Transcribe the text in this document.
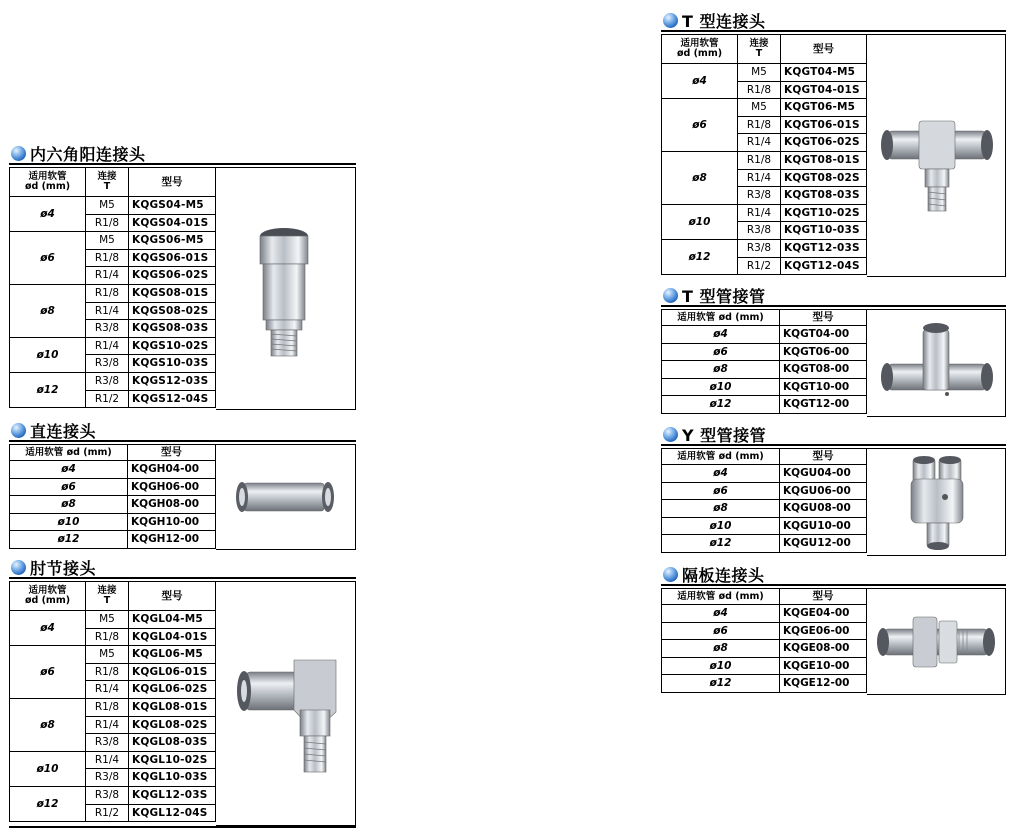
内六角阳连接头
适用软管
ød (mm)	连接
T	型号
ø4	M5	KQGS04-M5
	R1/8	KQGS04-01S
ø6	M5	KQGS06-M5
	R1/8	KQGS06-01S
	R1/4	KQGS06-02S
ø8	R1/8	KQGS08-01S
	R1/4	KQGS08-02S
	R3/8	KQGS08-03S
ø10	R1/4	KQGS10-02S
	R3/8	KQGS10-03S
ø12	R3/8	KQGS12-03S
	R1/2	KQGS12-04S
直连接头
适用软管 ød (mm)	型号
ø4	KQGH04-00
ø6	KQGH06-00
ø8	KQGH08-00
ø10	KQGH10-00
ø12	KQGH12-00
肘节接头
适用软管
ød (mm)	连接
T	型号
ø4	M5	KQGL04-M5
	R1/8	KQGL04-01S
ø6	M5	KQGL06-M5
	R1/8	KQGL06-01S
	R1/4	KQGL06-02S
ø8	R1/8	KQGL08-01S
	R1/4	KQGL08-02S
	R3/8	KQGL08-03S
ø10	R1/4	KQGL10-02S
	R3/8	KQGL10-03S
ø12	R3/8	KQGL12-03S
	R1/2	KQGL12-04S
T 型连接头
适用软管
ød (mm)	连接
T	型号
ø4	M5	KQGT04-M5
	R1/8	KQGT04-01S
ø6	M5	KQGT06-M5
	R1/8	KQGT06-01S
	R1/4	KQGT06-02S
ø8	R1/8	KQGT08-01S
	R1/4	KQGT08-02S
	R3/8	KQGT08-03S
ø10	R1/4	KQGT10-02S
	R3/8	KQGT10-03S
ø12	R3/8	KQGT12-03S
	R1/2	KQGT12-04S
T 型管接管
适用软管 ød (mm)	型号
ø4	KQGT04-00
ø6	KQGT06-00
ø8	KQGT08-00
ø10	KQGT10-00
ø12	KQGT12-00
Y 型管接管
适用软管 ød (mm)	型号
ø4	KQGU04-00
ø6	KQGU06-00
ø8	KQGU08-00
ø10	KQGU10-00
ø12	KQGU12-00
隔板连接头
适用软管 ød (mm)	型号
ø4	KQGE04-00
ø6	KQGE06-00
ø8	KQGE08-00
ø10	KQGE10-00
ø12	KQGE12-00
